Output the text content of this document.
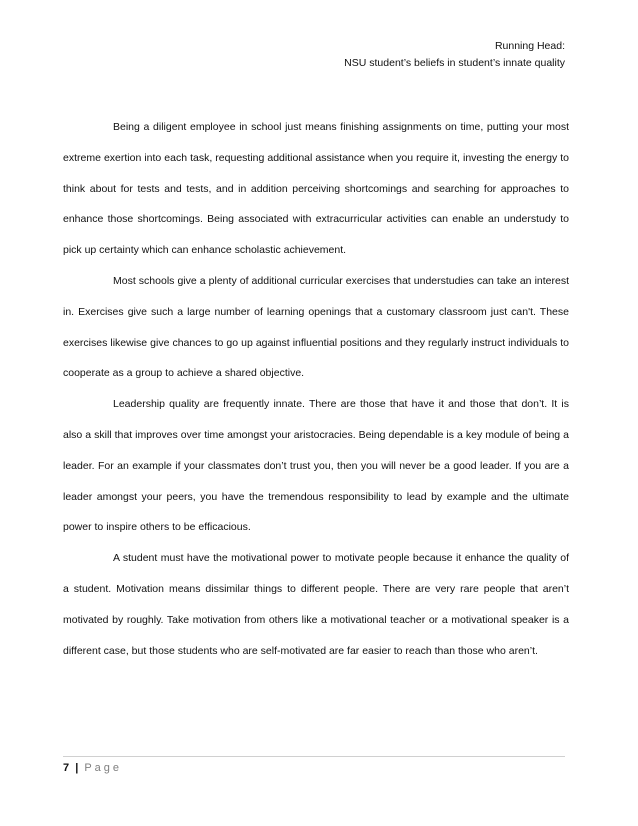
Running Head:
NSU student’s beliefs in student’s innate quality

Being a diligent employee in school just means finishing assignments on time, putting your most extreme exertion into each task, requesting additional assistance when you require it, investing the energy to think about for tests and tests, and in addition perceiving shortcomings and searching for approaches to enhance those shortcomings. Being associated with extracurricular activities can enable an understudy to pick up certainty which can enhance scholastic achievement.

Most schools give a plenty of additional curricular exercises that understudies can take an interest in. Exercises give such a large number of learning openings that a customary classroom just can't. These exercises likewise give chances to go up against influential positions and they regularly instruct individuals to cooperate as a group to achieve a shared objective.

Leadership quality are frequently innate. There are those that have it and those that don’t. It is also a skill that improves over time amongst your aristocracies. Being dependable is a key module of being a leader. For an example if your classmates don’t trust you, then you will never be a good leader. If you are a leader amongst your peers, you have the tremendous responsibility to lead by example and the ultimate power to inspire others to be efficacious.

A student must have the motivational power to motivate people because it enhance the quality of a student. Motivation means dissimilar things to different people. There are very rare people that aren’t motivated by roughly. Take motivation from others like a motivational teacher or a motivational speaker is a different case, but those students who are self-motivated are far easier to reach than those who aren’t.

7 | Page
